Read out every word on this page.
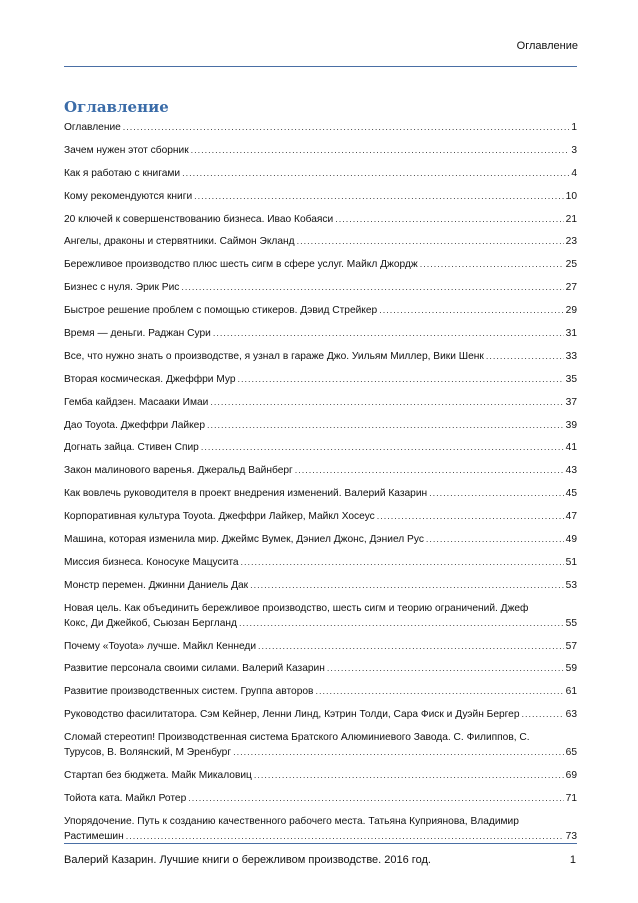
Оглавление
Оглавление
Оглавление .....	1
Зачем нужен этот сборник .....	3
Как я работаю с книгами .....	4
Кому рекомендуются книги .....	10
20 ключей к совершенствованию бизнеса. Ивао Кобаяси .....	21
Ангелы, драконы и стервятники. Саймон Экланд .....	23
Бережливое производство плюс шесть сигм в сфере услуг. Майкл Джордж .....	25
Бизнес с нуля. Эрик Рис .....	27
Быстрое решение проблем с помощью стикеров. Дэвид Стрейкер .....	29
Время — деньги. Раджан Сури .....	31
Все, что нужно знать о производстве, я узнал в гараже Джо. Уильям Миллер, Вики Шенк .....	33
Вторая космическая. Джеффри Мур .....	35
Гемба кайдзен. Масааки Имаи .....	37
Дао Toyota. Джеффри Лайкер .....	39
Догнать зайца. Стивен Спир .....	41
Закон малинового варенья. Джеральд Вайнберг .....	43
Как вовлечь руководителя в проект внедрения изменений. Валерий Казарин .....	45
Корпоративная культура Toyota. Джеффри Лайкер, Майкл Хосеус .....	47
Машина, которая изменила мир. Джеймс Вумек, Дэниел Джонс, Дэниел Рус .....	49
Миссия бизнеса. Коносуке Мацусита .....	51
Монстр перемен. Джинни Даниель Дак .....	53
Новая цель. Как объединить бережливое производство, шесть сигм и теорию ограничений. Джеф
Кокс, Ди Джейкоб, Сьюзан Бергланд .....	55
Почему «Toyota» лучше. Майкл Кеннеди .....	57
Развитие персонала своими силами. Валерий Казарин .....	59
Развитие производственных систем. Группа авторов .....	61
Руководство фасилитатора. Сэм Кейнер, Ленни Линд, Кэтрин Толди, Сара Фиск и Дуэйн Бергер .....	63
Сломай стереотип! Производственная система Братского Алюминиевого Завода. С. Филиппов, С.
Турусов, В. Волянский, М Эренбург .....	65
Стартап без бюджета. Майк Микаловиц .....	69
Тойота ката. Майкл Ротер .....	71
Упорядочение. Путь к созданию качественного рабочего места. Татьяна Куприянова, Владимир
Растимешин .....	73
Валерий Казарин. Лучшие книги о бережливом производстве. 2016 год.	1
